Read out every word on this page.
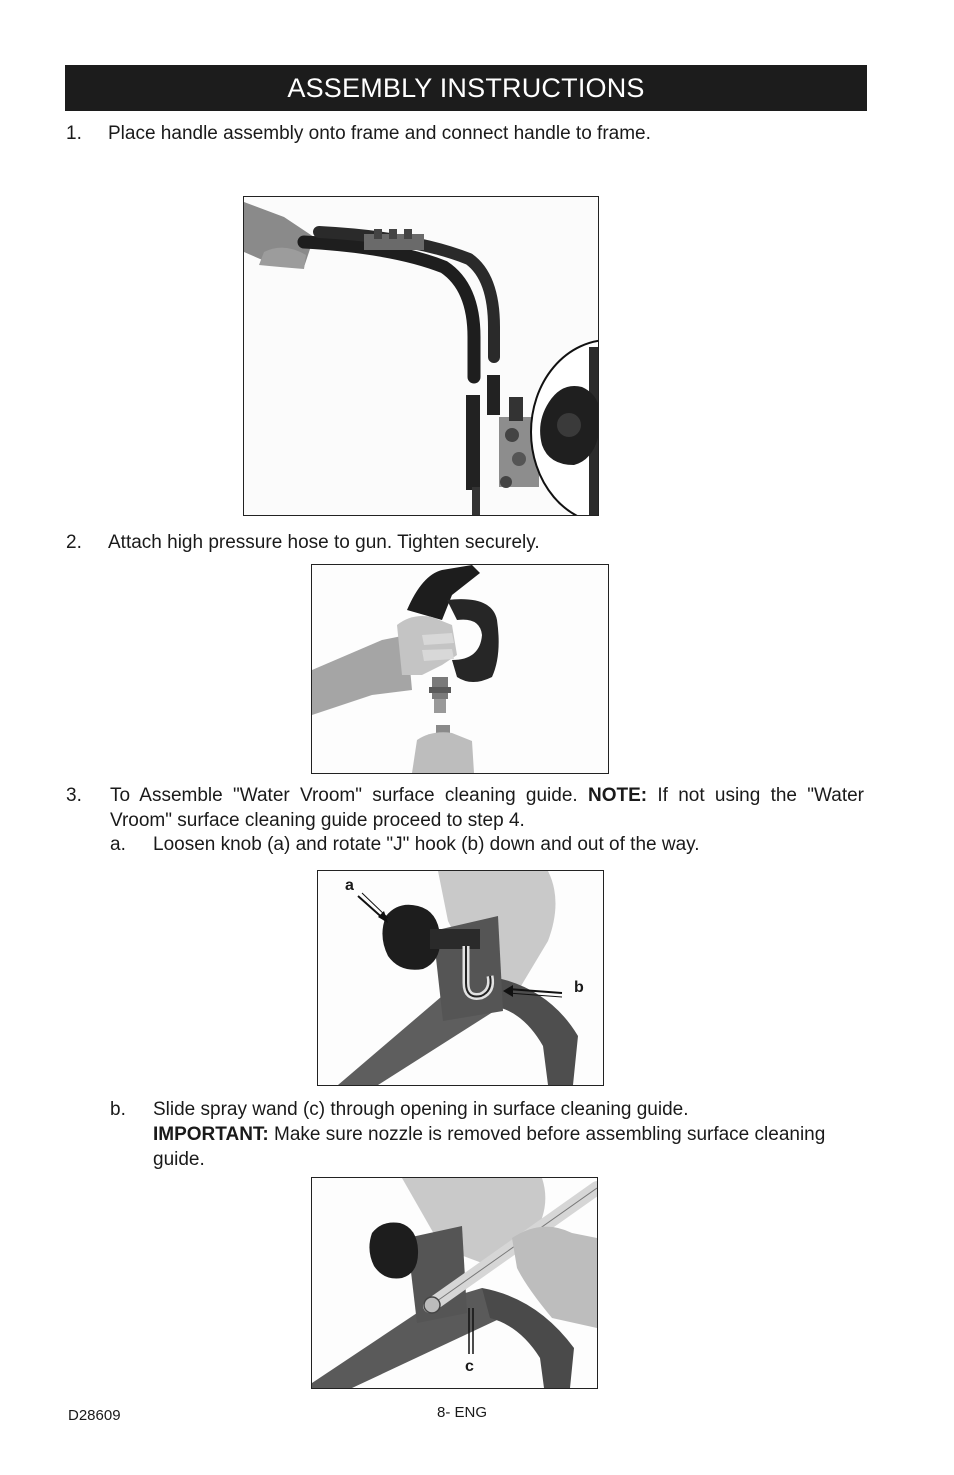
ASSEMBLY INSTRUCTIONS
1. Place handle assembly onto frame and connect handle to frame.
2. Attach high pressure hose to gun. Tighten securely.
3. To Assemble "Water Vroom" surface cleaning guide. NOTE: If not using the "Water Vroom" surface cleaning guide proceed to step 4.
a. Loosen knob (a) and rotate "J" hook (b) down and out of the way.
a
b
b. Slide spray wand (c) through opening in surface cleaning guide.
IMPORTANT: Make sure nozzle is removed before assembling surface cleaning guide.
c
D28609	8- ENG
